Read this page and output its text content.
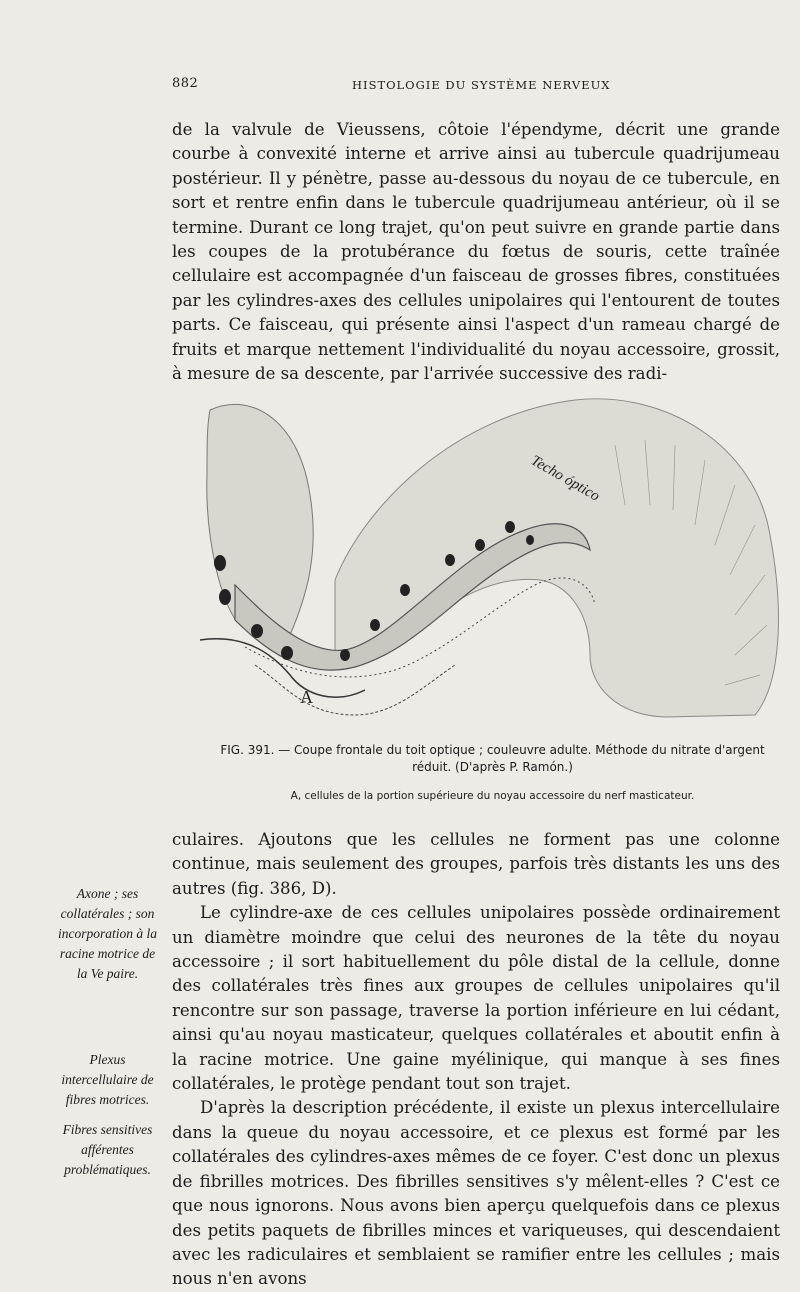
882	HISTOLOGIE DU SYSTÈME NERVEUX

de la valvule de Vieussens, côtoie l'épendyme, décrit une grande courbe à convexité interne et arrive ainsi au tubercule quadrijumeau postérieur. Il y pénètre, passe au-dessous du noyau de ce tubercule, en sort et rentre enfin dans le tubercule quadrijumeau antérieur, où il se termine. Durant ce long trajet, qu'on peut suivre en grande partie dans les coupes de la protubérance du fœtus de souris, cette traînée cellulaire est accompagnée d'un faisceau de grosses fibres, constituées par les cylindres-axes des cellules unipolaires qui l'entourent de toutes parts. Ce faisceau, qui présente ainsi l'aspect d'un rameau chargé de fruits et marque nettement l'individualité du noyau accessoire, grossit, à mesure de sa descente, par l'arrivée successive des radi-

Techo óptico
A
FIG. 391. — Coupe frontale du toit optique ; couleuvre adulte. Méthode du nitrate d'argent réduit. (D'après P. Ramón.)
A, cellules de la portion supérieure du noyau accessoire du nerf masticateur.

culaires. Ajoutons que les cellules ne forment pas une colonne continue, mais seulement des groupes, parfois très distants les uns des autres (fig. 386, D).

Le cylindre-axe de ces cellules unipolaires possède ordinairement un diamètre moindre que celui des neurones de la tête du noyau accessoire ; il sort habituellement du pôle distal de la cellule, donne des collatérales très fines aux groupes de cellules unipolaires qu'il rencontre sur son passage, traverse la portion inférieure en lui cédant, ainsi qu'au noyau masticateur, quelques collatérales et aboutit enfin à la racine motrice. Une gaine myélinique, qui manque à ses fines collatérales, le protège pendant tout son trajet.

D'après la description précédente, il existe un plexus intercellulaire dans la queue du noyau accessoire, et ce plexus est formé par les collatérales des cylindres-axes mêmes de ce foyer. C'est donc un plexus de fibrilles motrices. Des fibrilles sensitives s'y mêlent-elles ? C'est ce que nous ignorons. Nous avons bien aperçu quelquefois dans ce plexus des petits paquets de fibrilles minces et variqueuses, qui descendaient avec les radiculaires et semblaient se ramifier entre les cellules ; mais nous n'en avons

Axone ; ses collatérales ; son incorporation à la racine motrice de la Ve paire.
Plexus intercellulaire de fibres motrices.
Fibres sensitives afférentes problématiques.
